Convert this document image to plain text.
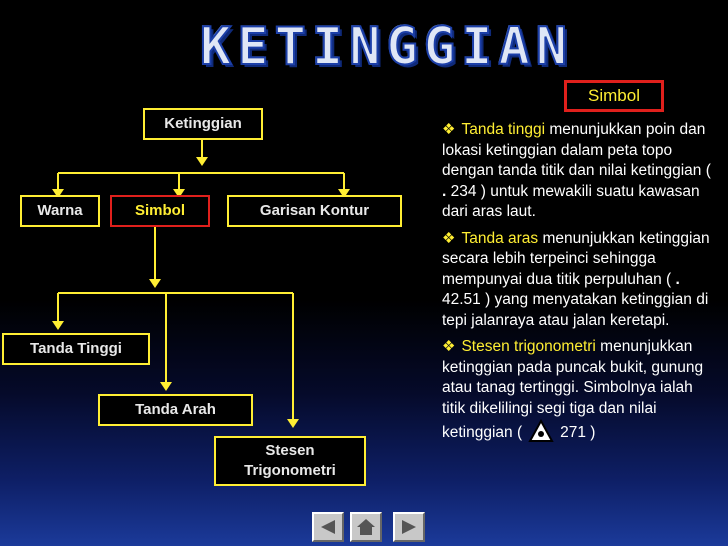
KETINGGIAN
Ketinggian
Warna	Simbol	Garisan Kontur
Tanda Tinggi
Tanda Arah
Stesen
Trigonometri
Simbol

❖ Tanda tinggi menunjukkan poin dan lokasi ketinggian dalam peta topo dengan tanda titik dan nilai ketinggian ( . 234 ) untuk mewakili suatu kawasan dari aras laut.

❖ Tanda aras menunjukkan ketinggian secara lebih terpeinci sehingga mempunyai dua titik perpuluhan ( . 42.51 ) yang menyatakan ketinggian di tepi jalanraya atau jalan keretapi.

❖ Stesen trigonometri menunjukkan ketinggian pada puncak bukit, gunung atau tanag tertinggi. Simbolnya ialah titik dikelilingi segi tiga dan nilai ketinggian ( 271 )
